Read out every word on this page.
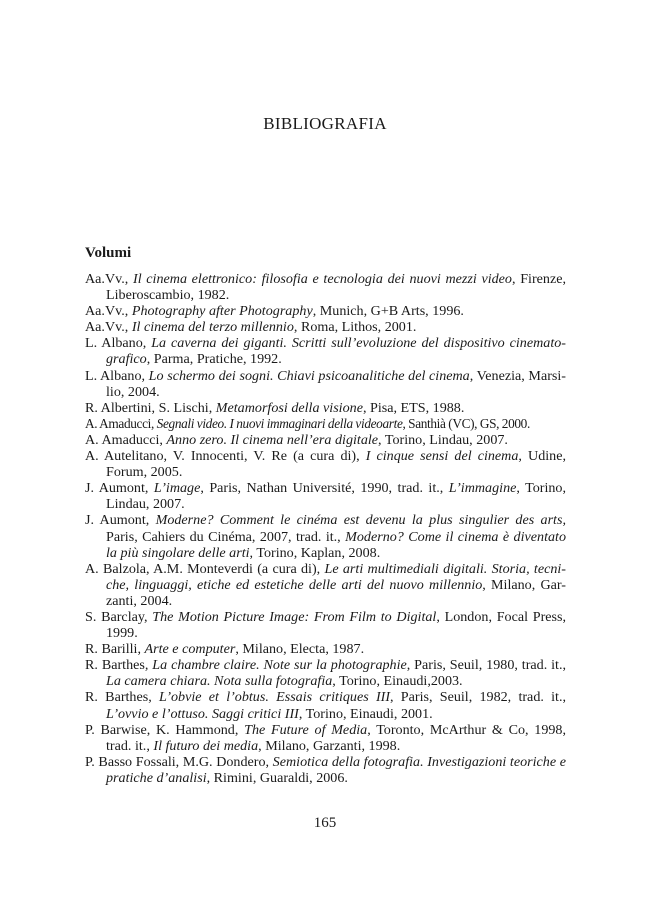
BIBLIOGRAFIA
Volumi
Aa.Vv., Il cinema elettronico: filosofia e tecnologia dei nuovi mezzi video, Firenze, Liberoscambio, 1982.
Aa.Vv., Photography after Photography, Munich, G+B Arts, 1996.
Aa.Vv., Il cinema del terzo millennio, Roma, Lithos, 2001.
L. Albano, La caverna dei giganti. Scritti sull’evoluzione del dispositivo cinemato-grafico, Parma, Pratiche, 1992.
L. Albano, Lo schermo dei sogni. Chiavi psicoanalitiche del cinema, Venezia, Marsi-lio, 2004.
R. Albertini, S. Lischi, Metamorfosi della visione, Pisa, ETS, 1988.
A. Amaducci, Segnali video. I nuovi immaginari della videoarte, Santhià (VC), GS, 2000.
A. Amaducci, Anno zero. Il cinema nell’era digitale, Torino, Lindau, 2007.
A. Autelitano, V. Innocenti, V. Re (a cura di), I cinque sensi del cinema, Udine, Forum, 2005.
J. Aumont, L’image, Paris, Nathan Université, 1990, trad. it., L’immagine, Torino, Lindau, 2007.
J. Aumont, Moderne? Comment le cinéma est devenu la plus singulier des arts, Paris, Cahiers du Cinéma, 2007, trad. it., Moderno? Come il cinema è diventato la più singolare delle arti, Torino, Kaplan, 2008.
A. Balzola, A.M. Monteverdi (a cura di), Le arti multimediali digitali. Storia, tecni-che, linguaggi, etiche ed estetiche delle arti del nuovo millennio, Milano, Gar-zanti, 2004.
S. Barclay, The Motion Picture Image: From Film to Digital, London, Focal Press, 1999.
R. Barilli, Arte e computer, Milano, Electa, 1987.
R. Barthes, La chambre claire. Note sur la photographie, Paris, Seuil, 1980, trad. it., La camera chiara. Nota sulla fotografia, Torino, Einaudi,2003.
R. Barthes, L’obvie et l’obtus. Essais critiques III, Paris, Seuil, 1982, trad. it., L’ovvio e l’ottuso. Saggi critici III, Torino, Einaudi, 2001.
P. Barwise, K. Hammond, The Future of Media, Toronto, McArthur & Co, 1998, trad. it., Il futuro dei media, Milano, Garzanti, 1998.
P. Basso Fossali, M.G. Dondero, Semiotica della fotografia. Investigazioni teoriche e pratiche d’analisi, Rimini, Guaraldi, 2006.
165
